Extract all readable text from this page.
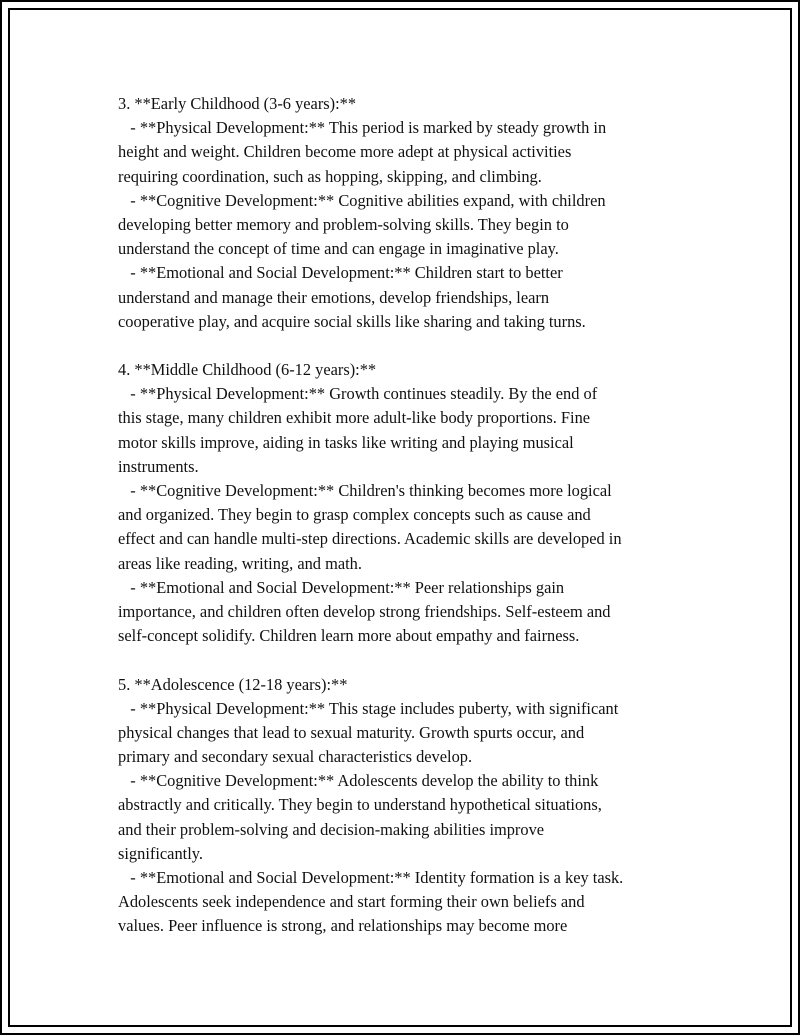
3. **Early Childhood (3-6 years):**
- **Physical Development:** This period is marked by steady growth in
height and weight. Children become more adept at physical activities
requiring coordination, such as hopping, skipping, and climbing.
- **Cognitive Development:** Cognitive abilities expand, with children
developing better memory and problem-solving skills. They begin to
understand the concept of time and can engage in imaginative play.
- **Emotional and Social Development:** Children start to better
understand and manage their emotions, develop friendships, learn
cooperative play, and acquire social skills like sharing and taking turns.
4. **Middle Childhood (6-12 years):**
- **Physical Development:** Growth continues steadily. By the end of
this stage, many children exhibit more adult-like body proportions. Fine
motor skills improve, aiding in tasks like writing and playing musical
instruments.
- **Cognitive Development:** Children's thinking becomes more logical
and organized. They begin to grasp complex concepts such as cause and
effect and can handle multi-step directions. Academic skills are developed in
areas like reading, writing, and math.
- **Emotional and Social Development:** Peer relationships gain
importance, and children often develop strong friendships. Self-esteem and
self-concept solidify. Children learn more about empathy and fairness.
5. **Adolescence (12-18 years):**
- **Physical Development:** This stage includes puberty, with significant
physical changes that lead to sexual maturity. Growth spurts occur, and
primary and secondary sexual characteristics develop.
- **Cognitive Development:** Adolescents develop the ability to think
abstractly and critically. They begin to understand hypothetical situations,
and their problem-solving and decision-making abilities improve
significantly.
- **Emotional and Social Development:** Identity formation is a key task.
Adolescents seek independence and start forming their own beliefs and
values. Peer influence is strong, and relationships may become more
